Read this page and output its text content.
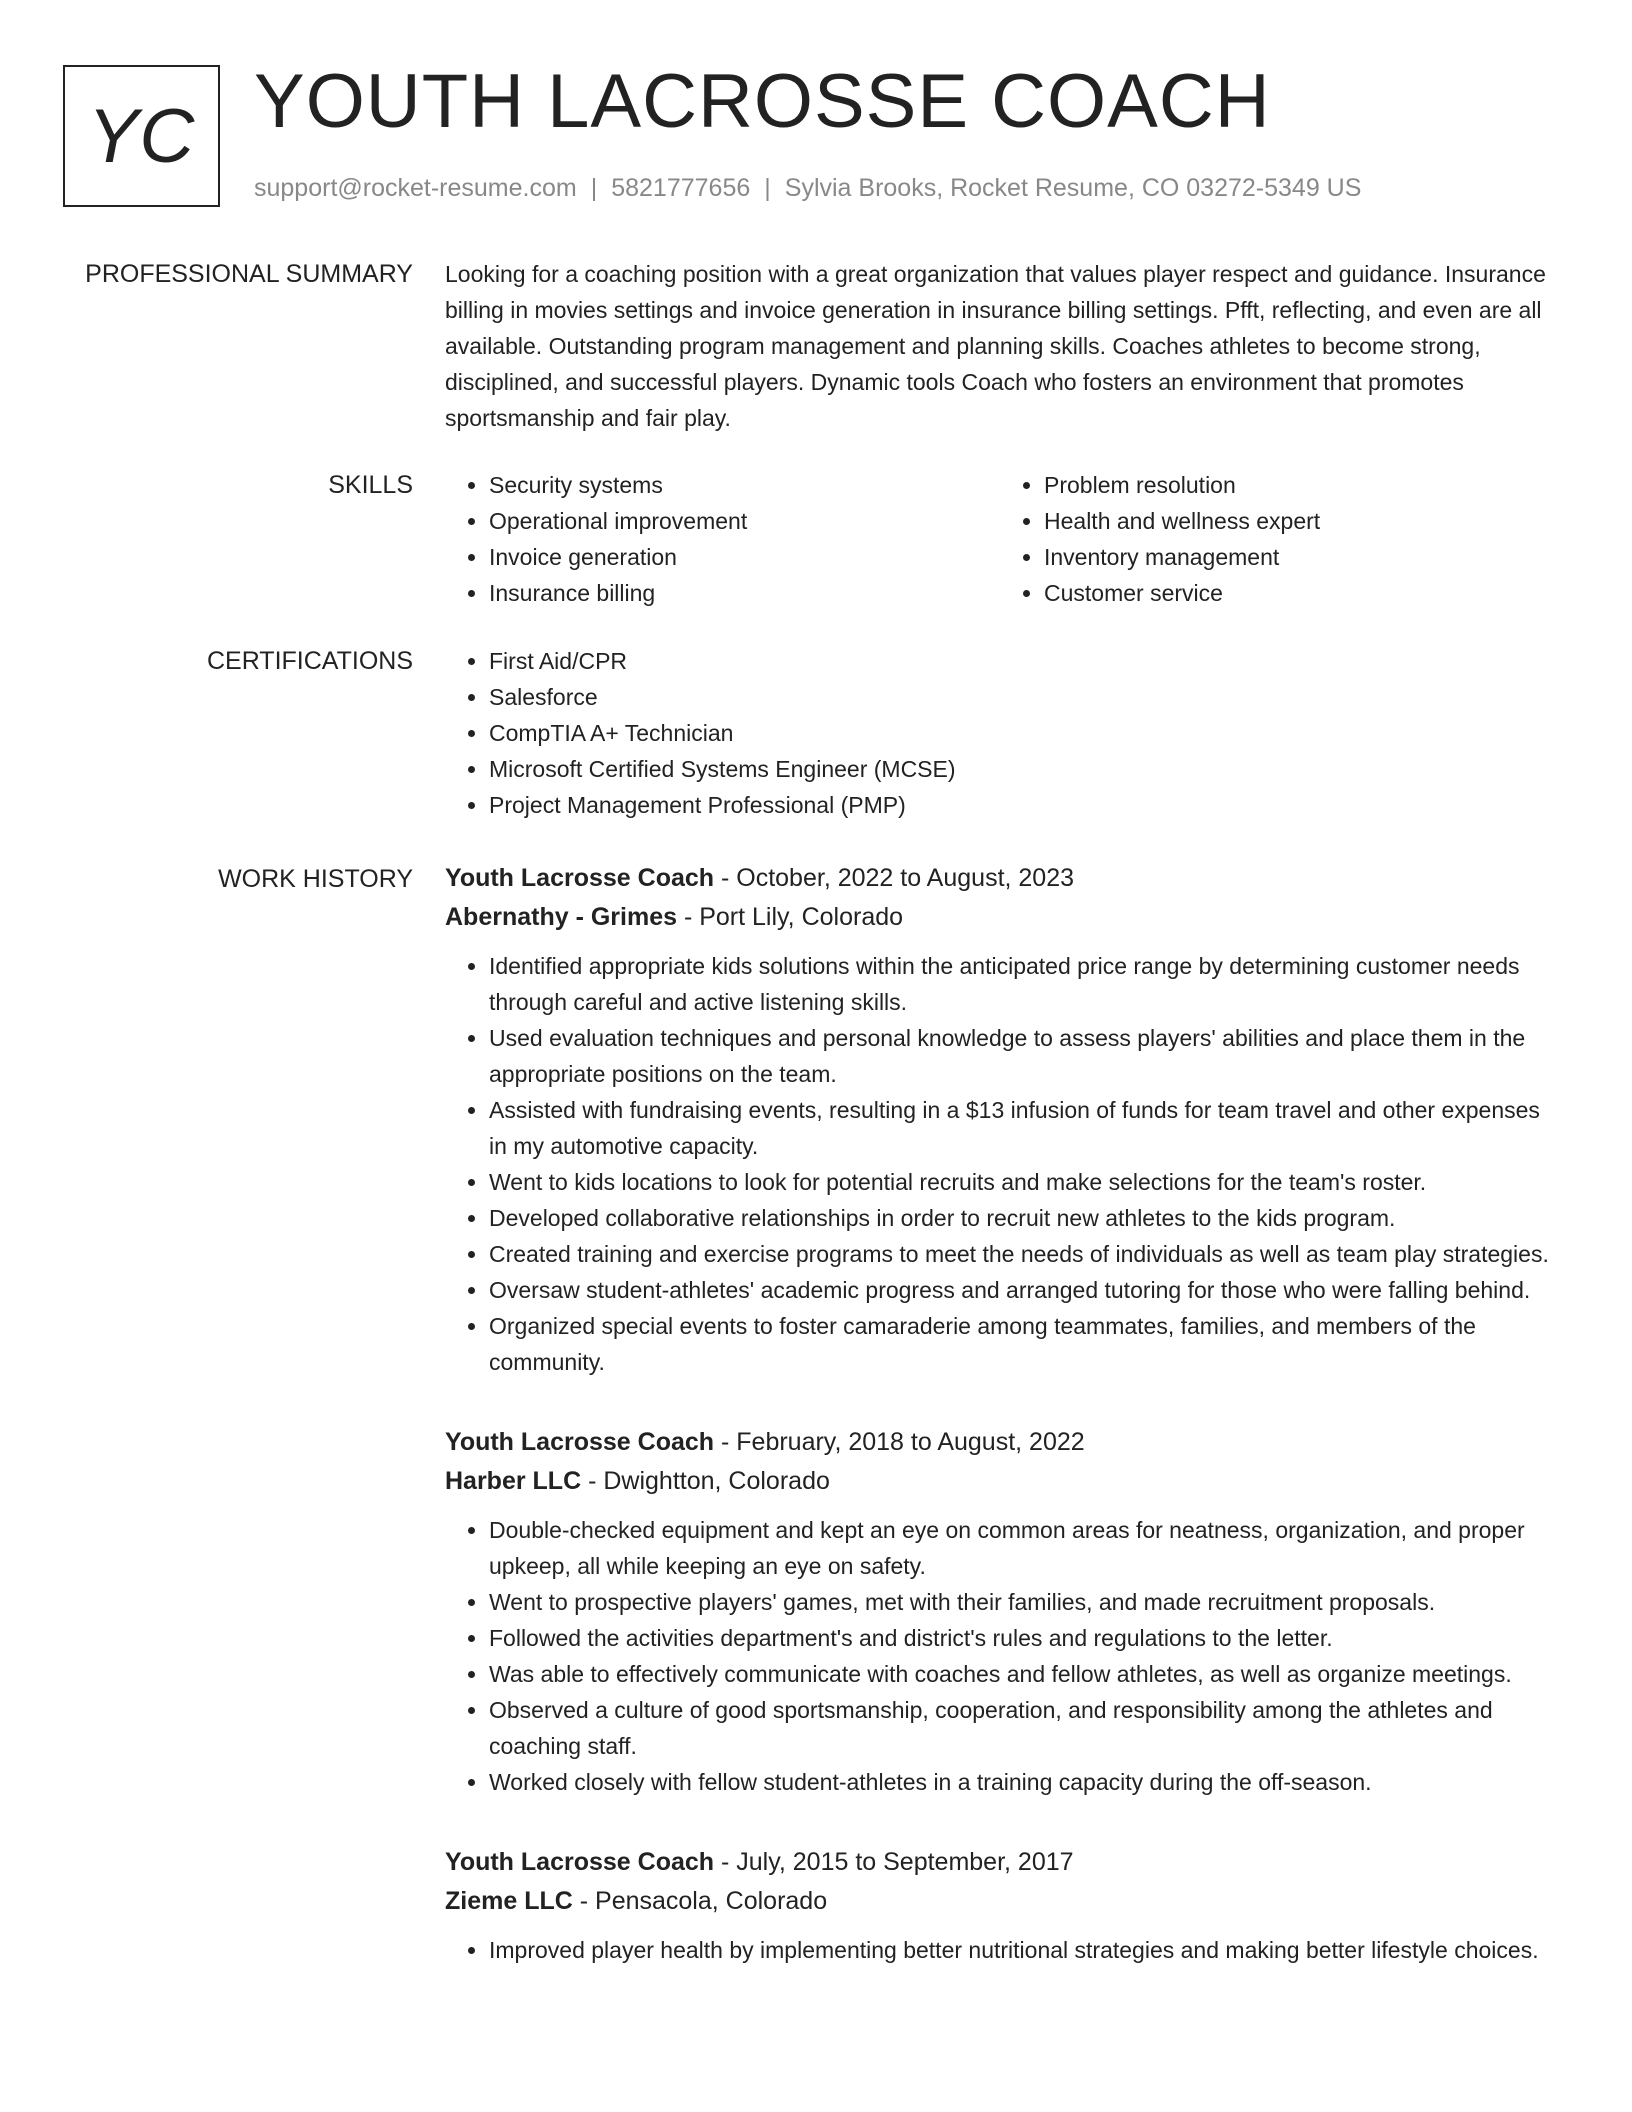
YC YOUTH LACROSSE COACH
support@rocket-resume.com | 5821777656 | Sylvia Brooks, Rocket Resume, CO 03272-5349 US
PROFESSIONAL SUMMARY Looking for a coaching position with a great organization that values player respect and guidance. Insurance billing in movies settings and invoice generation in insurance billing settings. Pfft, reflecting, and even are all available. Outstanding program management and planning skills. Coaches athletes to become strong, disciplined, and successful players. Dynamic tools Coach who fosters an environment that promotes sportsmanship and fair play.

SKILLS	• Security systems
• Operational improvement
• Invoice generation
• Insurance billing
• Problem resolution
• Health and wellness expert
• Inventory management
• Customer service
CERTIFICATIONS	• First Aid/CPR
• Salesforce
• CompTIA A+ Technician
• Microsoft Certified Systems Engineer (MCSE)
• Project Management Professional (PMP)
WORK HISTORY Youth Lacrosse Coach - October, 2022 to August, 2023
Abernathy - Grimes - Port Lily, Colorado
• Identified appropriate kids solutions within the anticipated price range by determining customer needs through careful and active listening skills.
• Used evaluation techniques and personal knowledge to assess players' abilities and place them in the appropriate positions on the team.
• Assisted with fundraising events, resulting in a $13 infusion of funds for team travel and other expenses in my automotive capacity.
• Went to kids locations to look for potential recruits and make selections for the team's roster.
• Developed collaborative relationships in order to recruit new athletes to the kids program.
• Created training and exercise programs to meet the needs of individuals as well as team play strategies.
• Oversaw student-athletes' academic progress and arranged tutoring for those who were falling behind.
• Organized special events to foster camaraderie among teammates, families, and members of the community.
Youth Lacrosse Coach - February, 2018 to August, 2022
Harber LLC - Dwightton, Colorado
• Double-checked equipment and kept an eye on common areas for neatness, organization, and proper upkeep, all while keeping an eye on safety.
• Went to prospective players' games, met with their families, and made recruitment proposals.
• Followed the activities department's and district's rules and regulations to the letter.
• Was able to effectively communicate with coaches and fellow athletes, as well as organize meetings.
• Observed a culture of good sportsmanship, cooperation, and responsibility among the athletes and coaching staff.
• Worked closely with fellow student-athletes in a training capacity during the off-season.
Youth Lacrosse Coach - July, 2015 to September, 2017
Zieme LLC - Pensacola, Colorado
• Improved player health by implementing better nutritional strategies and making better lifestyle choices.
